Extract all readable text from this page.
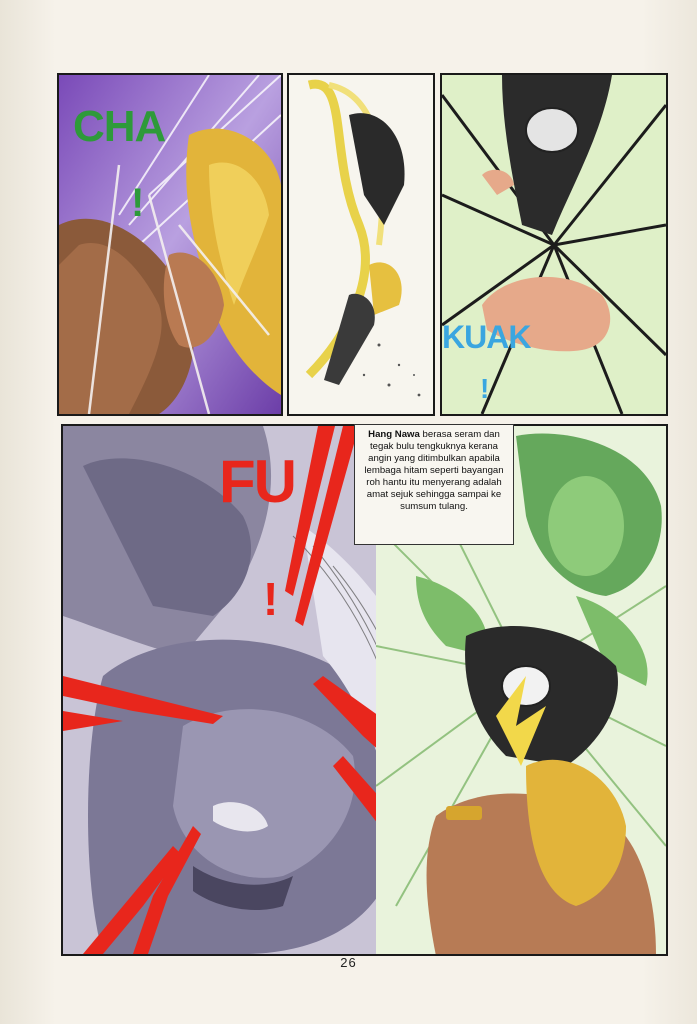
CHA
!
KUAK
!
FU
!
Hang Nawa berasa seram dan tegak bulu tengkuknya kerana angin yang ditimbulkan apabila lembaga hitam seperti bayangan roh hantu itu menyerang adalah amat sejuk sehingga sampai ke sumsum tulang.
26
